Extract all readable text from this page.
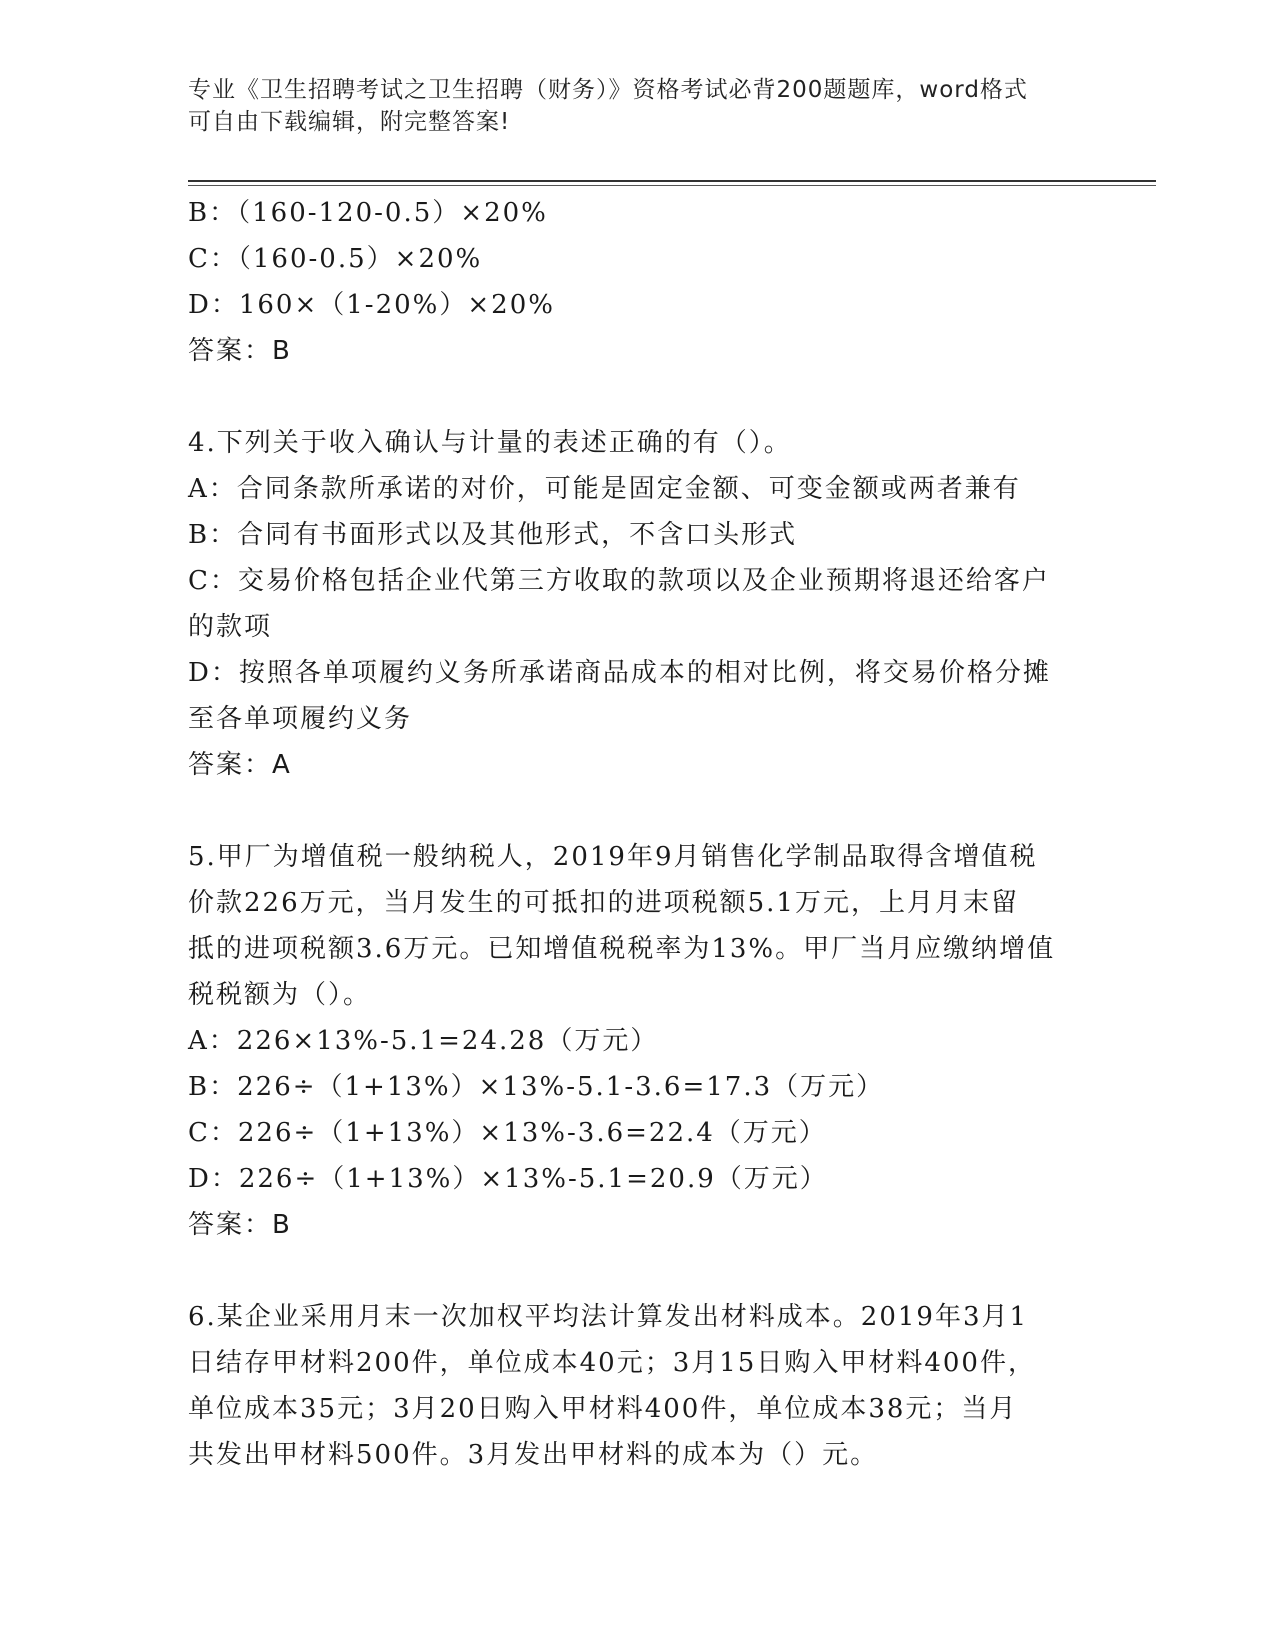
专业《卫生招聘考试之卫生招聘（财务）》资格考试必背200题题库，word格式
可自由下载编辑，附完整答案!
B：（160-120-0.5）×20%
C：（160-0.5）×20%
D：160×（1-20%）×20%
答案：B
4.下列关于收入确认与计量的表述正确的有（）。
A：合同条款所承诺的对价，可能是固定金额、可变金额或两者兼有
B：合同有书面形式以及其他形式，不含口头形式
C：交易价格包括企业代第三方收取的款项以及企业预期将退还给客户
的款项
D：按照各单项履约义务所承诺商品成本的相对比例，将交易价格分摊
至各单项履约义务
答案：A
5.甲厂为增值税一般纳税人，2019年9月销售化学制品取得含增值税
价款226万元，当月发生的可抵扣的进项税额5.1万元，上月月末留
抵的进项税额3.6万元。已知增值税税率为13%。甲厂当月应缴纳增值
税税额为（）。
A：226×13%-5.1=24.28（万元）
B：226÷（1+13%）×13%-5.1-3.6=17.3（万元）
C：226÷（1+13%）×13%-3.6=22.4（万元）
D：226÷（1+13%）×13%-5.1=20.9（万元）
答案：B
6.某企业采用月末一次加权平均法计算发出材料成本。2019年3月1
日结存甲材料200件，单位成本40元；3月15日购入甲材料400件，
单位成本35元；3月20日购入甲材料400件，单位成本38元；当月
共发出甲材料500件。3月发出甲材料的成本为（）元。
